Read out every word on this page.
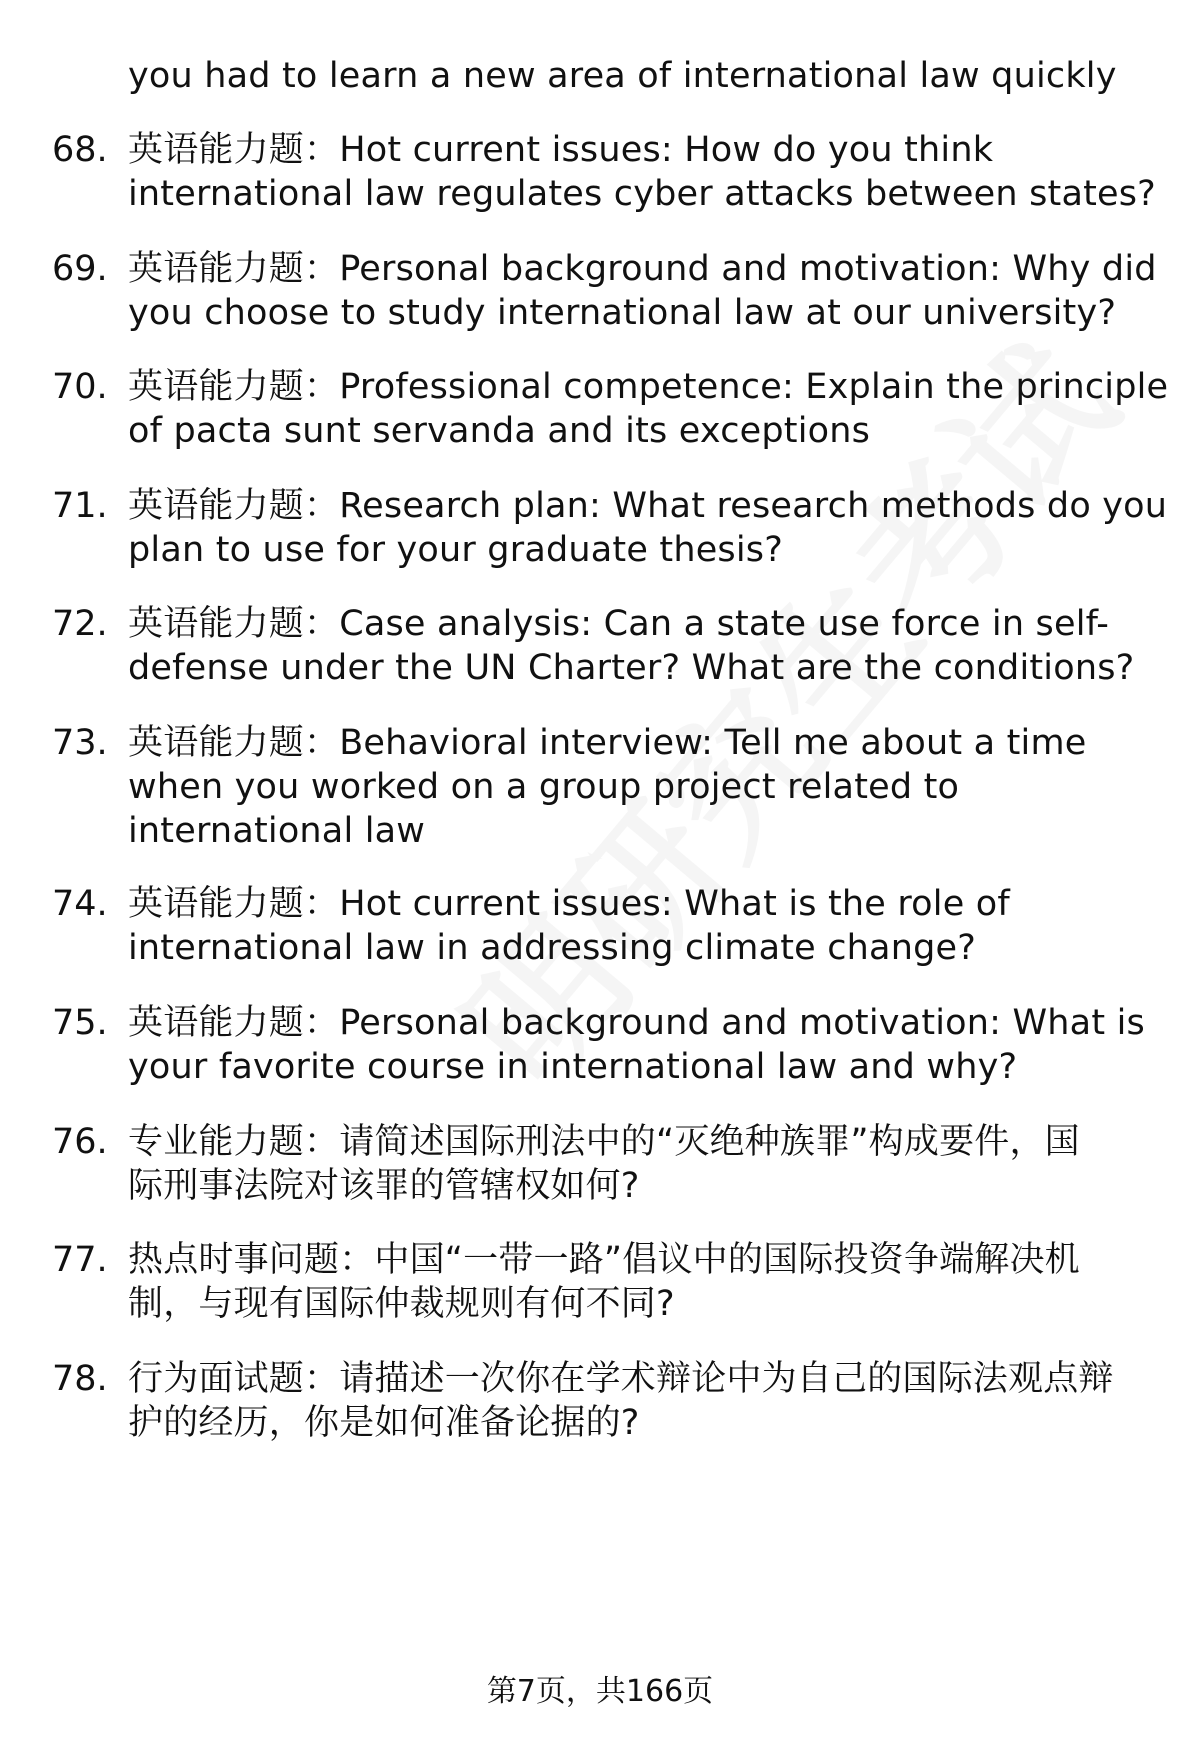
you had to learn a new area of international law quickly
68. 英语能力题：Hot current issues: How do you think
international law regulates cyber attacks between states?
69. 英语能力题：Personal background and motivation: Why did
you choose to study international law at our university?
70. 英语能力题：Professional competence: Explain the principle
of pacta sunt servanda and its exceptions
71. 英语能力题：Research plan: What research methods do you
plan to use for your graduate thesis?
72. 英语能力题：Case analysis: Can a state use force in self-
defense under the UN Charter? What are the conditions?
73. 英语能力题：Behavioral interview: Tell me about a time
when you worked on a group project related to
international law
74. 英语能力题：Hot current issues: What is the role of
international law in addressing climate change?
75. 英语能力题：Personal background and motivation: What is
your favorite course in international law and why?
76. 专业能力题：请简述国际刑法中的“灭绝种族罪”构成要件，国
际刑事法院对该罪的管辖权如何?
77. 热点时事问题：中国“一带一路”倡议中的国际投资争端解决机
制，与现有国际仲裁规则有何不同?
78. 行为面试题：请描述一次你在学术辩论中为自己的国际法观点辩
护的经历，你是如何准备论据的?
第7页，共166页
